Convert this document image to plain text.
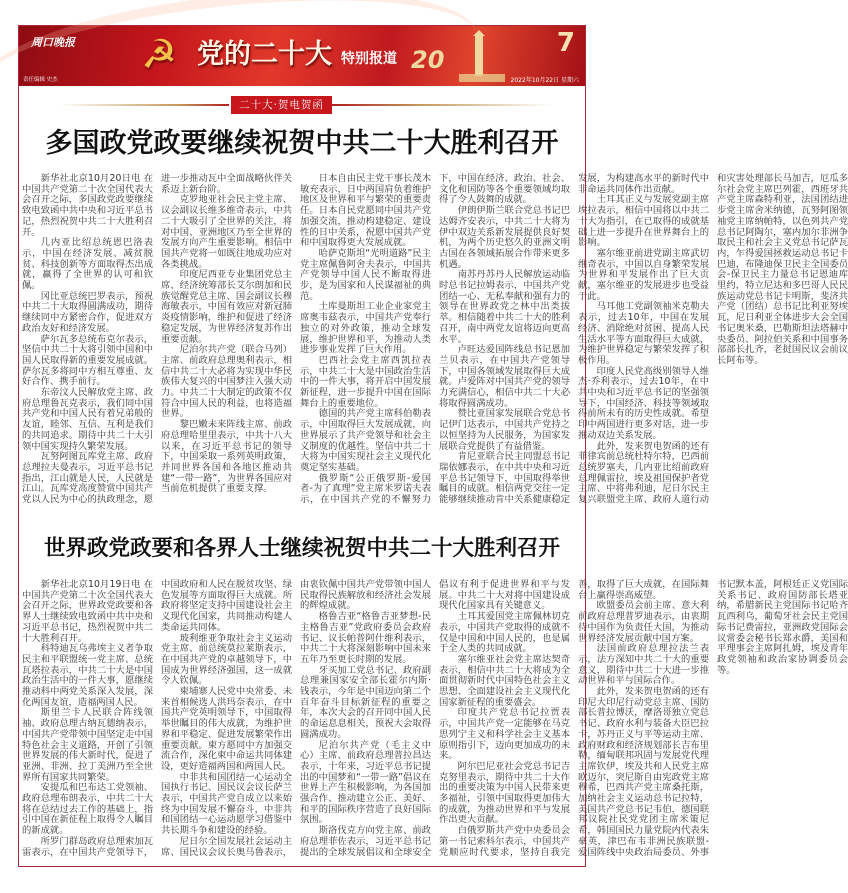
周口晚报 ☭ 党的二十大 特别报道 20
7
责任编辑 史杰	2022年10月22日 星期六
二十大·贺电贺函
多国政党政要继续祝贺中共二十大胜利召开

新华社北京10月20日电 在中国共产党第二十次全国代表大会召开之际，多国政党政要继续致电致函中共中央和习近平总书记，热烈祝贺中共二十大胜利召开。

几内亚比绍总统恩巴洛表示，中国在经济发展、减贫脱贫、科技创新等方面取得杰出成就，赢得了全世界的认可和钦佩。

冈比亚总统巴罗表示，预祝中共二十大取得圆满成功，期待继续同中方紧密合作，促进双方政治友好和经济发展。

萨尔瓦多总统布克尔表示，坚信中共二十大将引领中国和中国人民取得新的重要发展成就。萨尔瓦多将同中方相互尊重、友好合作、携手前行。

东帝汶人民解放党主席、政府总理鲁瓦克表示，我们同中国共产党和中国人民有着兄弟般的友谊，睦邻、互信、互利是我们的共同追求。期待中共二十大引领中国实现持久繁荣发展。

瓦努阿图瓦库党主席、政府总理拉夫曼表示，习近平总书记指出，江山就是人民，人民就是江山。瓦库党高度赞赏中国共产党以人民为中心的执政理念，愿进一步推动瓦中全面战略伙伴关系迈上新台阶。

克罗地亚社会民主党主席、议会副议长维多维奇表示，中共二十大吸引了全世界的关注，将对中国、亚洲地区乃至全世界的发展方向产生重要影响。相信中国共产党将一如既往地成功应对各类挑战。

印度尼西亚专业集团党总主席、经济统筹部长艾尔朗加和民族觉醒党总主席、国会副议长穆海敏表示，中国有效应对新冠肺炎疫情影响，维护和促进了经济稳定发展，为世界经济复苏作出重要贡献。

尼泊尔共产党（联合马列）主席、前政府总理奥利表示，相信中共二十大必将为实现中华民族伟大复兴的中国梦注入强大动力。中共二十大制定的政策不仅符合中国人民的利益，也将造福世界。

黎巴嫩未来阵线主席、前政府总理哈里里表示，中共十八大以来，在习近平总书记的领导下，中国采取一系列英明政策，并同世界各国和各地区推动共建“一带一路”，为世界各国应对当前危机提供了重要支撑。

日本自由民主党干事长茂木敏充表示，日中两国肩负着维护地区及世界和平与繁荣的重要责任。日本自民党愿同中国共产党加强交流，推动构建稳定、建设性的日中关系，祝愿中国共产党和中国取得更大发展成就。

哈萨克斯坦“光明道路”民主党主席佩鲁阿舍夫表示，中国共产党领导中国人民不断取得进步，是为国家和人民谋福祉的典范。

土库曼斯坦工业企业家党主席奥韦兹表示，中国共产党奉行独立的对外政策，推动全球发展，维护世界和平，为推动人类进步事业发挥了巨大作用。

巴西社会党主席西凯拉表示，中共二十大是中国政治生活中的一件大事，将开启中国发展新征程，进一步提升中国在国际舞台上的重要地位。

德国的共产党主席科伯勒表示，中国取得巨大发展成就，向世界展示了共产党领导和社会主义制度的优越性。坚信中共二十大将为中国实现社会主义现代化奠定坚实基础。

俄罗斯“公正俄罗斯-爱国者-为了真理”党主席米罗诺夫表示，在中国共产党的不懈努力下，中国在经济、政治、社会、文化和国防等各个重要领域均取得了令人鼓舞的成就。

伊朗伊斯兰联合党总书记巴达姆齐安表示，中共二十大将为伊中双边关系新发展提供良好契机，为两个历史悠久的亚洲文明古国在各领域拓展合作带来更多机遇。

南苏丹苏丹人民解放运动临时总书记拉姆表示，中国共产党团结一心、无私奉献和强有力的领导在世界政党之林中出类拔萃。相信随着中共二十大的胜利召开，南中两党友谊将迈向更高水平。

卢旺达爱国阵线总书记恩加兰贝表示，在中国共产党领导下，中国各领域发展取得巨大成就。卢爱阵对中国共产党的领导力充满信心，相信中共二十大必将取得圆满成功。

赞比亚国家发展联合党总书记伊门达表示，中国共产党持之以恒坚持为人民服务，为国家发展联合党提供了有益借鉴。

肯尼亚联合民主同盟总书记瑞依娜表示，在中共中央和习近平总书记领导下，中国取得举世瞩目的成就。相信两党交往一定能够继续推动肯中关系健康稳定发展，为构建高水平的新时代中非命运共同体作出贡献。

土耳其正义与发展党副主席埃拉表示，相信中国将以中共二十大为指引，在已取得的成就基础上进一步提升在世界舞台上的影响。

塞尔维亚前进党副主席武切维奇表示，中国以自身繁荣发展为世界和平发展作出了巨大贡献，塞尔维亚的发展进步也受益于此。

马耳他工党副领袖米克勒夫表示，过去10年，中国在发展经济、消除绝对贫困、提高人民生活水平等方面取得巨大成就，为维护世界稳定与繁荣发挥了积极作用。

印度人民党高级别领导人维杰·乔利表示，过去10年，在中共中央和习近平总书记的坚强领导下，中国经济、科技等领域取得前所未有的历史性成就。希望印中两国进行更多对话，进一步推动双边关系发展。

此外，发来贺电贺函的还有菲律宾前总统杜特尔特，巴西前总统罗塞夫，几内亚比绍前政府总理佩雷拉，埃及祖国保护者党主席、中将弗利迪，尼日尔民主复兴联盟党主席、政府人道行动和灾害处理部长马加吉，厄瓜多尔社会党主席巴列霍，西班牙共产党主席森特利亚，法国团结进步党主席舍米纳德，瓦努阿图领袖党主席纳帕特，以色列共产党总书记阿陶尔，塞内加尔非洲争取民主和社会主义党总书记萨瓦内，乍得爱国拯救运动总书记卡巴迪，布隆迪保卫民主全国委员会-保卫民主力量总书记恩迪库里约，特立尼达和多巴哥人民民族运动党总书记卡明斯，斐济共产党（团结）总书记比利亚努埃瓦，尼日利亚全体进步大会全国书记奥米桑，巴勒斯坦法塔赫中央委员、阿拉伯关系和中国事务部部长扎齐，老挝国民议会前议长阿布等。

世界政党政要和各界人士继续祝贺中共二十大胜利召开

新华社北京10月19日电 在中国共产党第二十次全国代表大会召开之际，世界政党政要和各界人士继续致电致函中共中央和习近平总书记，热烈祝贺中共二十大胜利召开。

科特迪瓦乌弗埃主义者争取民主和平联盟统一党主席、总统瓦塔拉表示，中共二十大是中国政治生活中的一件大事，愿继续推动科中两党关系深入发展，深化两国友谊，造福两国人民。

斯里兰卡人民联合阵线领袖、政府总理古纳瓦德纳表示，中国共产党带领中国坚定走中国特色社会主义道路，开创了引领世界发展的伟大新时代，促进了亚洲、非洲、拉丁美洲乃至全世界所有国家共同繁荣。

安提瓜和巴布达工党领袖、政府总理布朗表示，中共二十大将在总结过去工作的基础上，指引中国在新征程上取得令人瞩目的新成就。

所罗门群岛政府总理索加瓦雷表示，在中国共产党领导下，中国政府和人民在脱贫攻坚、绿色发展等方面取得巨大成就。所政府将坚定支持中国建设社会主义现代化国家，共同推动构建人类命运共同体。

玻利维亚争取社会主义运动党主席、前总统莫拉莱斯表示，在中国共产党的卓越领导下，中国成为世界经济强国，这一成就令人钦佩。

柬埔寨人民党中央常委、未来首相候选人洪玛奈表示，在中国共产党英明领导下，中国取得举世瞩目的伟大成就，为维护世界和平稳定、促进发展繁荣作出重要贡献。柬方愿同中方加强交流合作，深化柬中命运共同体建设，更好造福两国和两国人民。

中非共和国团结一心运动全国执行书记、国民议会议长萨兰表示，中国共产党自成立以来始终为中国发展不懈奋斗，中非共和国团结一心运动愿学习借鉴中共长期斗争和建设的经验。

尼日尔全国发展社会运动主席、国民议会议长奥马鲁表示，由衷钦佩中国共产党带领中国人民取得民族解放和经济社会发展的辉煌成就。

格鲁吉亚“格鲁吉亚梦想-民主格鲁吉亚”党政府委员会政府书记、议长帕普阿什维利表示，中共二十大将深刻影响中国未来五年乃至更长时期的发展。

牙买加工党总书记、政府副总理兼国家安全部长霍尔内斯·钱表示，今年是中国迈向第二个百年奋斗目标新征程的重要之年，本次大会的召开同中国人民的命运息息相关，预祝大会取得圆满成功。

尼泊尔共产党（毛主义中心）主席、前政府总理普拉昌达表示，十年来，习近平总书记提出的中国梦和“一带一路”倡议在世界上产生积极影响，为各国加强合作、推动建立公正、美好、和平的国际秩序营造了良好国际氛围。

斯洛伐克方向党主席、前政府总理菲佐表示，习近平总书记提出的全球发展倡议和全球安全倡议有利于促进世界和平与发展。中共二十大对将中国建设成现代化国家具有关键意义。

土耳其爱国党主席佩林切克表示，中国共产党取得的成就不仅是中国和中国人民的，也是属于全人类的共同成就。

塞尔维亚社会党主席达契奇表示，相信中共二十大将成为全面贯彻新时代中国特色社会主义思想、全面建设社会主义现代化国家新征程的重要盛会。

印度共产党总书记拉贾表示，中国共产党一定能够在马克思列宁主义和科学社会主义基本原则指引下，迈向更加成功的未来。

阿尔巴尼亚社会党总书记吉克努里表示，期待中共二十大作出的重要决策为中国人民带来更多福祉，引领中国取得更加伟大的成就，为推动世界和平与发展作出更大贡献。

白俄罗斯共产党中央委员会第一书记索科尔表示，中国共产党顺应时代要求，坚持自我完善，取得了巨大成就，在国际舞台上赢得崇高威望。

欧盟委员会前主席、意大利前政府总理普罗迪表示，由衷期待中国作为负责任大国，为推动世界经济发展贡献中国方案。

法国前政府总理拉法兰表示，法方深知中共二十大的重要意义，期待中共二十大进一步推动世界和平与国际合作。

此外，发来贺电贺函的还有印尼大印尼行动党总主席、国防部长普拉博沃，摩洛哥独立党总书记、政府水利与装备大臣巴拉卡，苏丹正义与平等运动主席、政府财政和经济规划部长吉布里勒，缅甸联邦巩固与发展党代理主席钦伊，埃及共和人民党主席欧迈尔，突尼斯自由宪政党主席穆希，巴西共产党主席桑托斯，加纳社会主义运动总书记拉特，美国共产党总书记韦伯，德国联邦议院社民党党团主席米策尼希，韩国国民力量党院内代表朱豪英，津巴布韦非洲民族联盟-爱国阵线中央政治局委员、外事书记默本盖，阿根廷正义党国际关系书记、政府国防部长塔亚纳，希腊新民主党国际书记哈齐瓦西利乌，葡萄牙社会民主党国际书记费雷拉，亚洲政党国际会议常委会秘书长郑永爵，美国和平理事会主席阿扎姆，埃及青年政党领袖和政治家协调委员会等。
